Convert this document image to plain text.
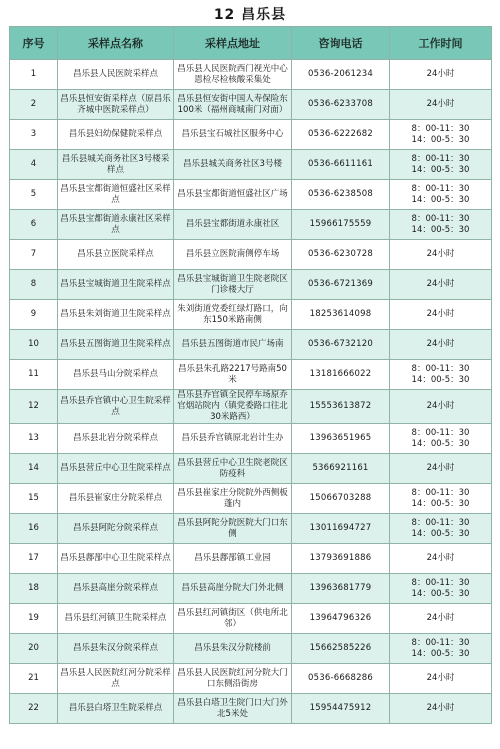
12 昌乐县
序号	采样点名称	采样点地址	咨询电话	工作时间
1	昌乐县人民医院采样点	昌乐县人民医院西门视光中心恩检尽检核酸采集处	0536-2061234	24小时
2	昌乐县恒安街采样点（原昌乐齐城中医院采样点）	昌乐县恒安街中国人寿保险东100米（福州商城南门对面）	0536-6233708	24小时
3	昌乐县妇幼保健院采样点	昌乐县宝石城社区服务中心	0536-6222682	8：00-11：30
14：00-5：30
4	昌乐县城关商务社区3号楼采样点	昌乐县城关商务社区3号楼	0536-6611161	8：00-11：30
14：00-5：30
5	昌乐县宝都街道恒盛社区采样点	昌乐县宝都街道恒盛社区广场	0536-6238508	8：00-11：30
14：00-5：30
6	昌乐县宝都街道永康社区采样点	昌乐县宝都街道永康社区	15966175559	8：00-11：30
14：00-5：30
7	昌乐县立医院采样点	昌乐县立医院南侧停车场	0536-6230728	24小时
8	昌乐县宝城街道卫生院采样点	昌乐县宝城街道卫生院老院区门诊楼大厅	0536-6721369	24小时
9	昌乐县朱刘街道卫生院采样点	朱刘街道党委红绿灯路口，向东150米路南侧	18253614098	24小时
10	昌乐县五图街道卫生院采样点	昌乐县五图街道市民广场南	0536-6732120	24小时
11	昌乐县马山分院采样点	昌乐县朱孔路2217号路南50米	13181666022	8：00-11：30
14：00-5：30
12	昌乐县乔官镇中心卫生院采样点	昌乐县乔官镇全民停车场原乔官烟站院内（镇党委路口往北30米路西）	15553613872	24小时
13	昌乐县北岩分院采样点	昌乐县乔官镇原北岩计生办	13963651965	8：00-11：30
14：00-5：30
14	昌乐县营丘中心卫生院采样点	昌乐县营丘中心卫生院老院区防疫科	5366921161	24小时
15	昌乐县崔家庄分院采样点	昌乐县崔家庄分院院外西侧板蓬内	15066703288	8：00-11：30
14：00-5：30
16	昌乐县阿陀分院采样点	昌乐县阿陀分院医院大门口东侧	13011694727	8：00-11：30
14：00-5：30
17	昌乐县鄌郚中心卫生院采样点	昌乐县鄌郚镇工业园	13793691886	24小时
18	昌乐县高崖分院采样点	昌乐县高崖分院大门外北侧	13963681779	8：00-11：30
14：00-5：30
19	昌乐县红河镇卫生院采样点	昌乐县红河镇街区（供电所北邻）	13964796326	24小时
20	昌乐县朱汉分院采样点	昌乐县朱汉分院楼前	15662585226	8：00-11：30
14：00-5：30
21	昌乐县人民医院红河分院采样点	昌乐县人民医院红河分院大门口东侧沿街房	0536-6668286	24小时
22	昌乐县白塔卫生院采样点	昌乐县白塔卫生院门口大门外北5米处	15954475912	24小时
